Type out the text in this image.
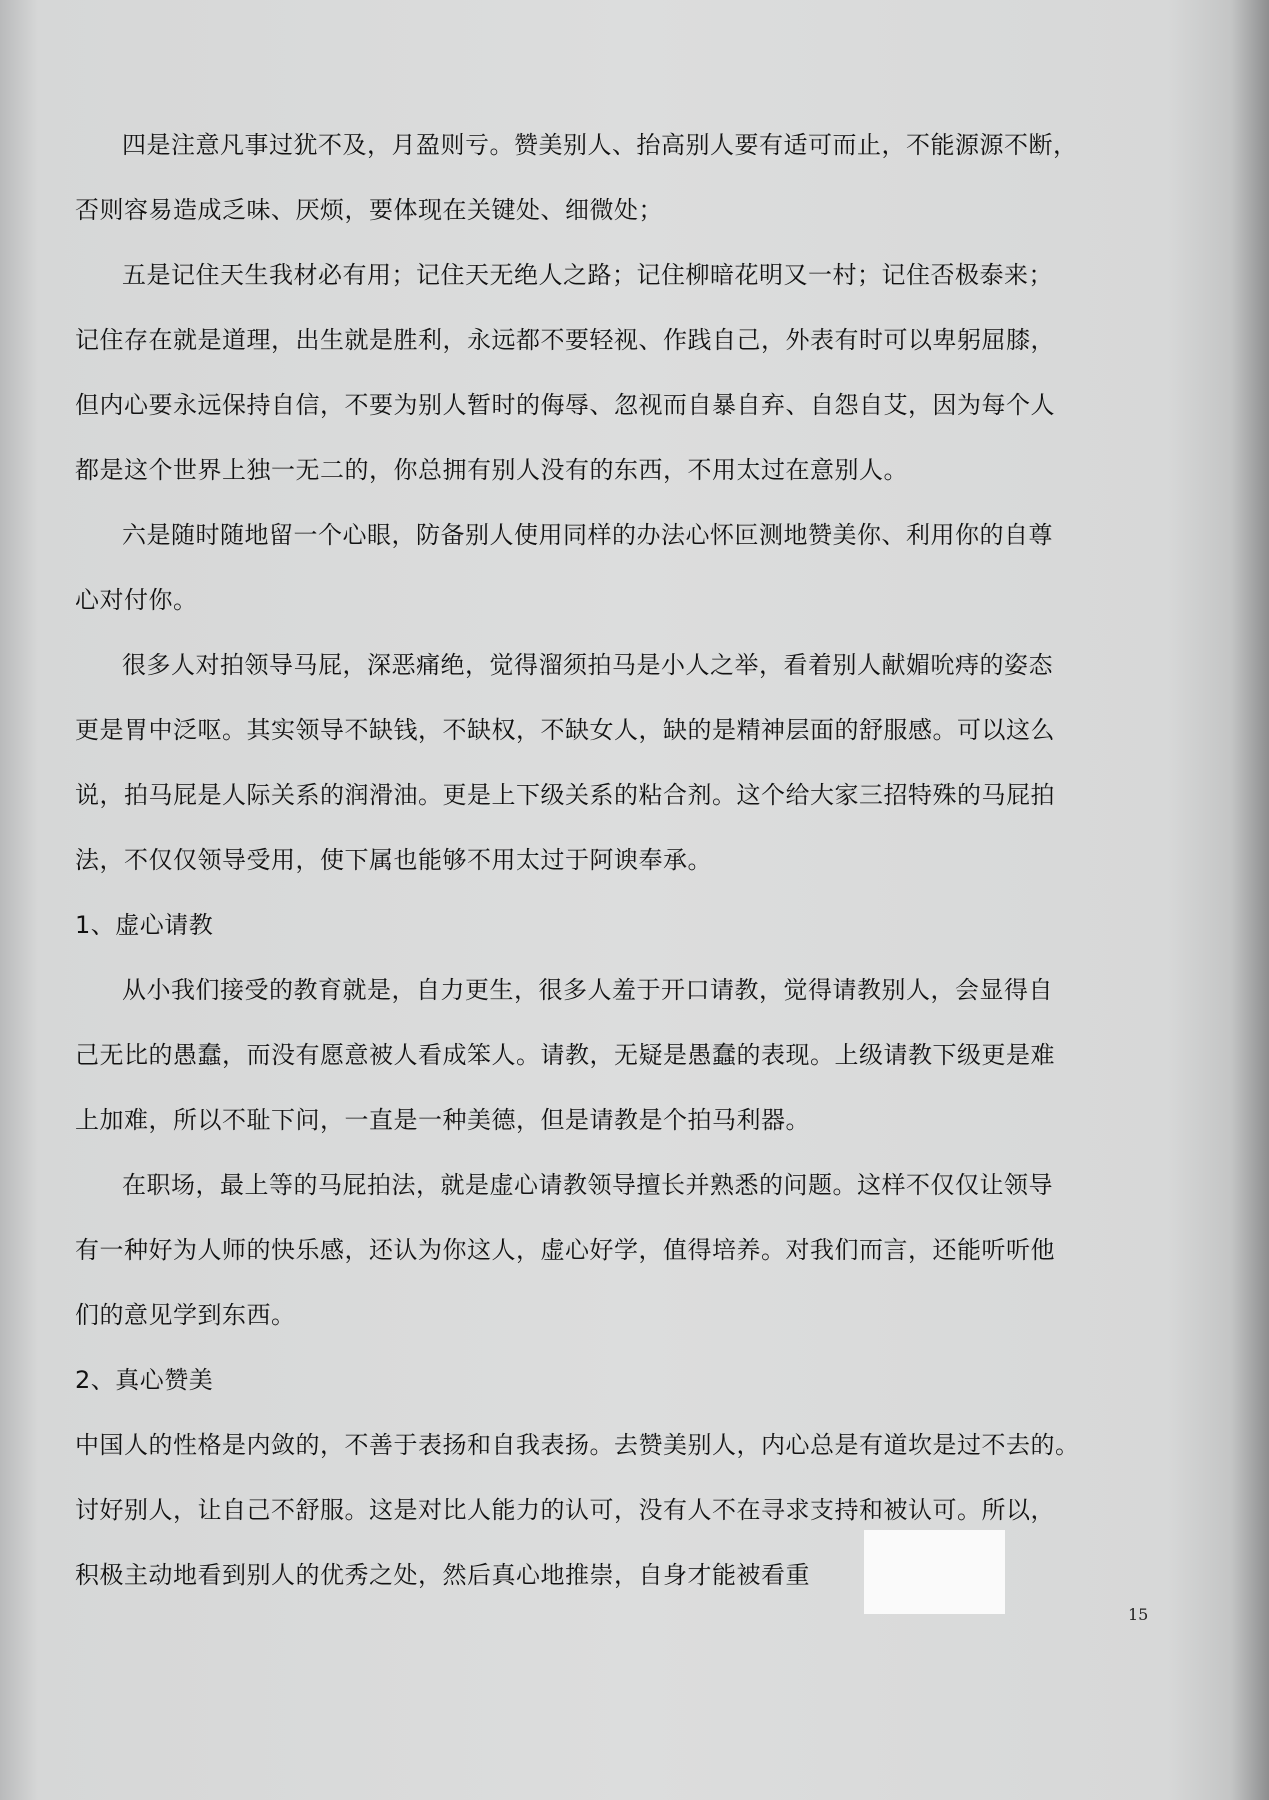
四是注意凡事过犹不及，月盈则亏。赞美别人、抬高别人要有适可而止，不能源源不断，
否则容易造成乏味、厌烦，要体现在关键处、细微处；
五是记住天生我材必有用；记住天无绝人之路；记住柳暗花明又一村；记住否极泰来；
记住存在就是道理，出生就是胜利，永远都不要轻视、作践自己，外表有时可以卑躬屈膝，
但内心要永远保持自信，不要为别人暂时的侮辱、忽视而自暴自弃、自怨自艾，因为每个人
都是这个世界上独一无二的，你总拥有别人没有的东西，不用太过在意别人。
六是随时随地留一个心眼，防备别人使用同样的办法心怀叵测地赞美你、利用你的自尊
心对付你。
很多人对拍领导马屁，深恶痛绝，觉得溜须拍马是小人之举，看着别人献媚吮痔的姿态
更是胃中泛呕。其实领导不缺钱，不缺权，不缺女人，缺的是精神层面的舒服感。可以这么
说，拍马屁是人际关系的润滑油。更是上下级关系的粘合剂。这个给大家三招特殊的马屁拍
法，不仅仅领导受用，使下属也能够不用太过于阿谀奉承。
1、虚心请教
从小我们接受的教育就是，自力更生，很多人羞于开口请教，觉得请教别人，会显得自
己无比的愚蠢，而没有愿意被人看成笨人。请教，无疑是愚蠢的表现。上级请教下级更是难
上加难，所以不耻下问，一直是一种美德，但是请教是个拍马利器。
在职场，最上等的马屁拍法，就是虚心请教领导擅长并熟悉的问题。这样不仅仅让领导
有一种好为人师的快乐感，还认为你这人，虚心好学，值得培养。对我们而言，还能听听他
们的意见学到东西。
2、真心赞美
中国人的性格是内敛的，不善于表扬和自我表扬。去赞美别人，内心总是有道坎是过不去的。
讨好别人，让自己不舒服。这是对比人能力的认可，没有人不在寻求支持和被认可。所以，
积极主动地看到别人的优秀之处，然后真心地推崇，自身才能被看重
15
